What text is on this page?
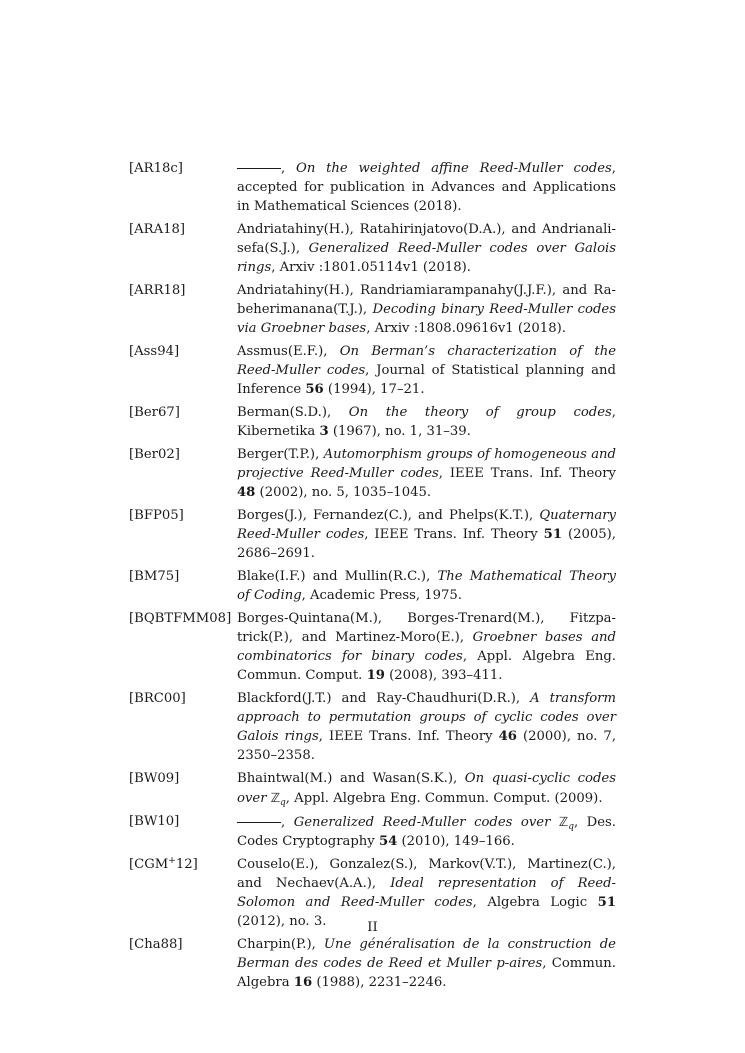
[AR18c]	, On the weighted affine Reed-Muller codes, accepted for publication in Advances and Applications in Mathematical Sciences (2018).
[ARA18]	Andriatahiny(H.), Ratahirinjatovo(D.A.), and Andrianalisefa(S.J.), Generalized Reed-Muller codes over Galois rings, Arxiv :1801.05114v1 (2018).
[ARR18]	Andriatahiny(H.), Randriamiarampanahy(J.J.F.), and Rabeherimanana(T.J.), Decoding binary Reed-Muller codes via Groebner bases, Arxiv :1808.09616v1 (2018).
[Ass94]	Assmus(E.F.), On Berman’s characterization of the Reed-Muller codes, Journal of Statistical planning and Inference 56 (1994), 17–21.
[Ber67]	Berman(S.D.), On the theory of group codes, Kibernetika 3 (1967), no. 1, 31–39.
[Ber02]	Berger(T.P.), Automorphism groups of homogeneous and projective Reed-Muller codes, IEEE Trans. Inf. Theory 48 (2002), no. 5, 1035–1045.
[BFP05]	Borges(J.), Fernandez(C.), and Phelps(K.T.), Quaternary Reed-Muller codes, IEEE Trans. Inf. Theory 51 (2005), 2686–2691.
[BM75]	Blake(I.F.) and Mullin(R.C.), The Mathematical Theory of Coding, Academic Press, 1975.
[BQBTFMM08] Borges-Quintana(M.), Borges-Trenard(M.), Fitzpatrick(P.), and Martinez-Moro(E.), Groebner bases and combinatorics for binary codes, Appl. Algebra Eng. Commun. Comput. 19 (2008), 393–411.
[BRC00]	Blackford(J.T.) and Ray-Chaudhuri(D.R.), A transform approach to permutation groups of cyclic codes over Galois rings, IEEE Trans. Inf. Theory 46 (2000), no. 7, 2350–2358.
[BW09]	Bhaintwal(M.) and Wasan(S.K.), On quasi-cyclic codes over ℤ$_q$, Appl. Algebra Eng. Commun. Comput. (2009).
[BW10]	, Generalized Reed-Muller codes over ℤ$_q$, Des. Codes Cryptography 54 (2010), 149–166.
[CGM+12]	Couselo(E.), Gonzalez(S.), Markov(V.T.), Martinez(C.), and Nechaev(A.A.), Ideal representation of Reed-Solomon and Reed-Muller codes, Algebra Logic 51 (2012), no. 3.
[Cha88]	Charpin(P.), Une généralisation de la construction de Berman des codes de Reed et Muller p-aires, Commun. Algebra 16 (1988), 2231–2246.
II
